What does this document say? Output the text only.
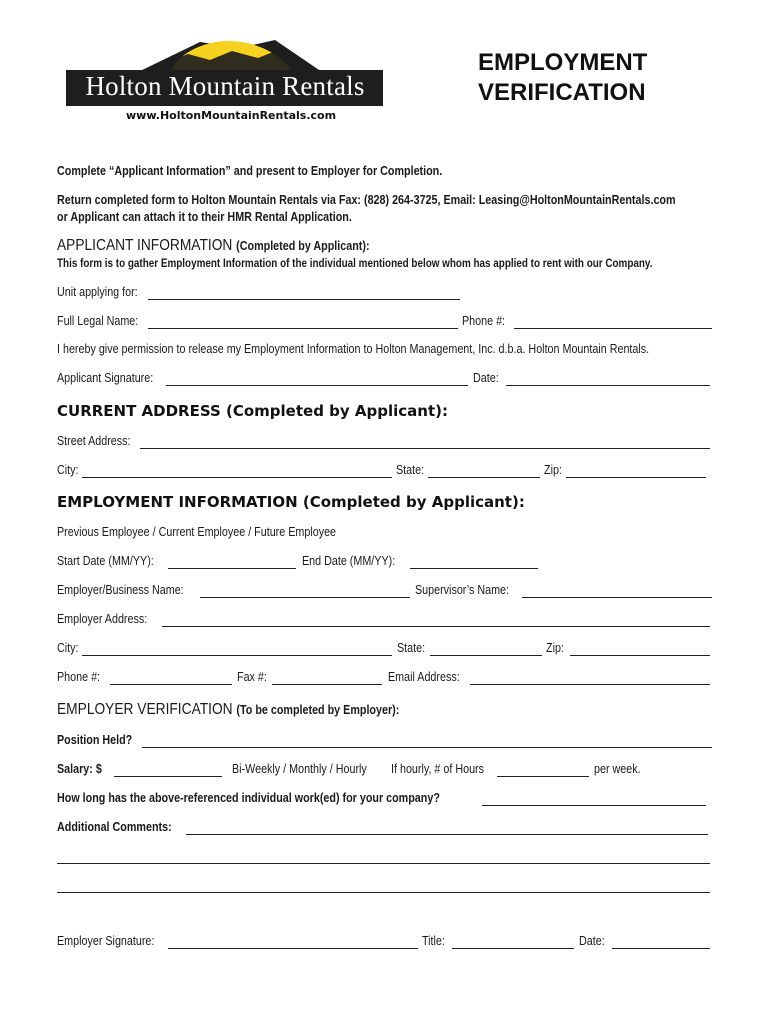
Holton Mountain Rentals
www.HoltonMountainRentals.com
EMPLOYMENT
VERIFICATION
Complete “Applicant Information” and present to Employer for Completion.
Return completed form to Holton Mountain Rentals via Fax: (828) 264-3725, Email: Leasing@HoltonMountainRentals.com
or Applicant can attach it to their HMR Rental Application.
APPLICANT INFORMATION (Completed by Applicant):
This form is to gather Employment Information of the individual mentioned below whom has applied to rent with our Company.
Unit applying for:
Full Legal Name:	Phone #:
I hereby give permission to release my Employment Information to Holton Management, Inc. d.b.a. Holton Mountain Rentals.
Applicant Signature:	Date:
CURRENT ADDRESS (Completed by Applicant):
Street Address:
City:	State:	Zip:
EMPLOYMENT INFORMATION (Completed by Applicant):
Previous Employee / Current Employee / Future Employee
Start Date (MM/YY):	End Date (MM/YY):
Employer/Business Name:	Supervisor’s Name:
Employer Address:
City:	State:	Zip:
Phone #:	Fax #:	Email Address:
EMPLOYER VERIFICATION (To be completed by Employer):
Position Held?
Salary: $	Bi-Weekly / Monthly / Hourly If hourly, # of Hours	per week.
How long has the above-referenced individual work(ed) for your company?
Additional Comments:
Employer Signature:	Title:	Date:
